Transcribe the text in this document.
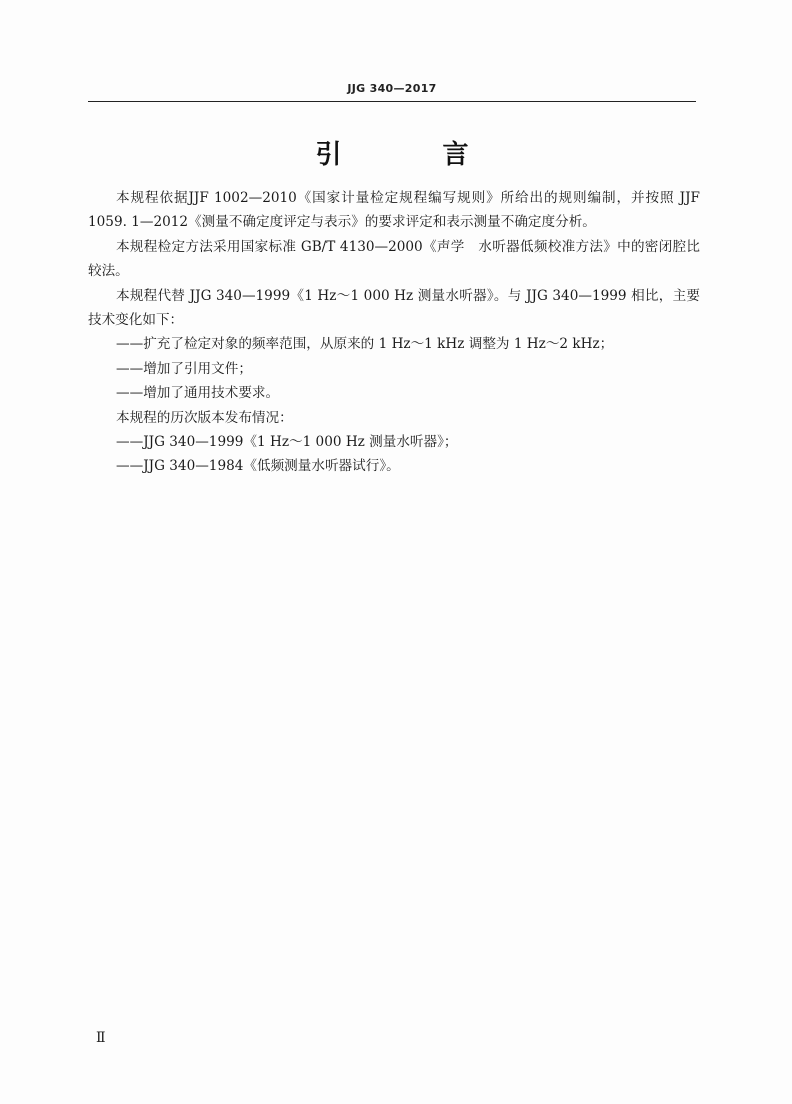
JJG 340—2017
引 言

本规程依据JJF 1002—2010《国家计量检定规程编写规则》所给出的规则编制，并按照 JJF 1059. 1—2012《测量不确定度评定与表示》的要求评定和表示测量不确定度分析。

本规程检定方法采用国家标准 GB/T 4130—2000《声学　水听器低频校准方法》中的密闭腔比较法。

本规程代替 JJG 340—1999《1 Hz～1 000 Hz 测量水听器》。与 JJG 340—1999 相比，主要技术变化如下：

——扩充了检定对象的频率范围，从原来的 1 Hz～1 kHz 调整为 1 Hz～2 kHz；

——增加了引用文件；

——增加了通用技术要求。

本规程的历次版本发布情况：

——JJG 340—1999《1 Hz～1 000 Hz 测量水听器》；

——JJG 340—1984《低频测量水听器试行》。

Ⅱ
